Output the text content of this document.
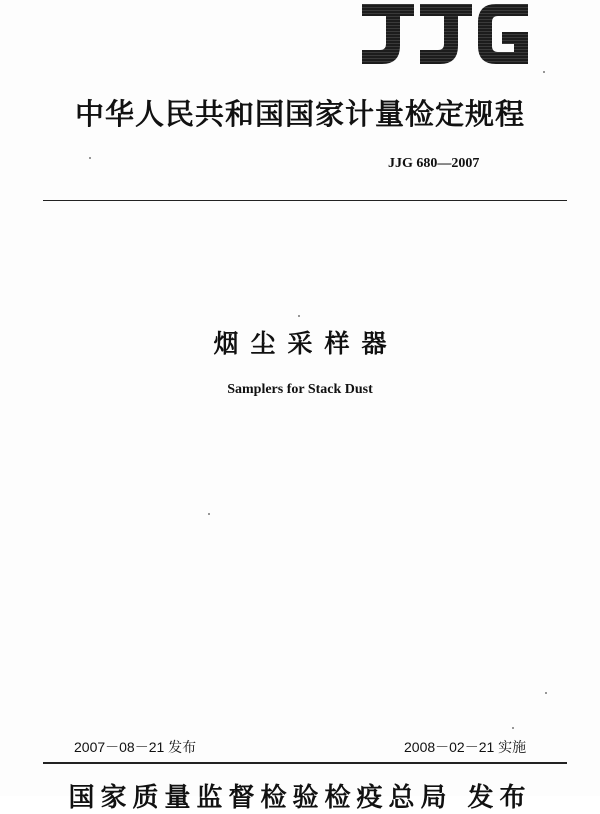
中华人民共和国国家计量检定规程
JJG 680—2007
烟尘采样器
Samplers for Stack Dust
2007－08－21 发布	2008－02－21 实施
国家质量监督检验检疫总局 发布
